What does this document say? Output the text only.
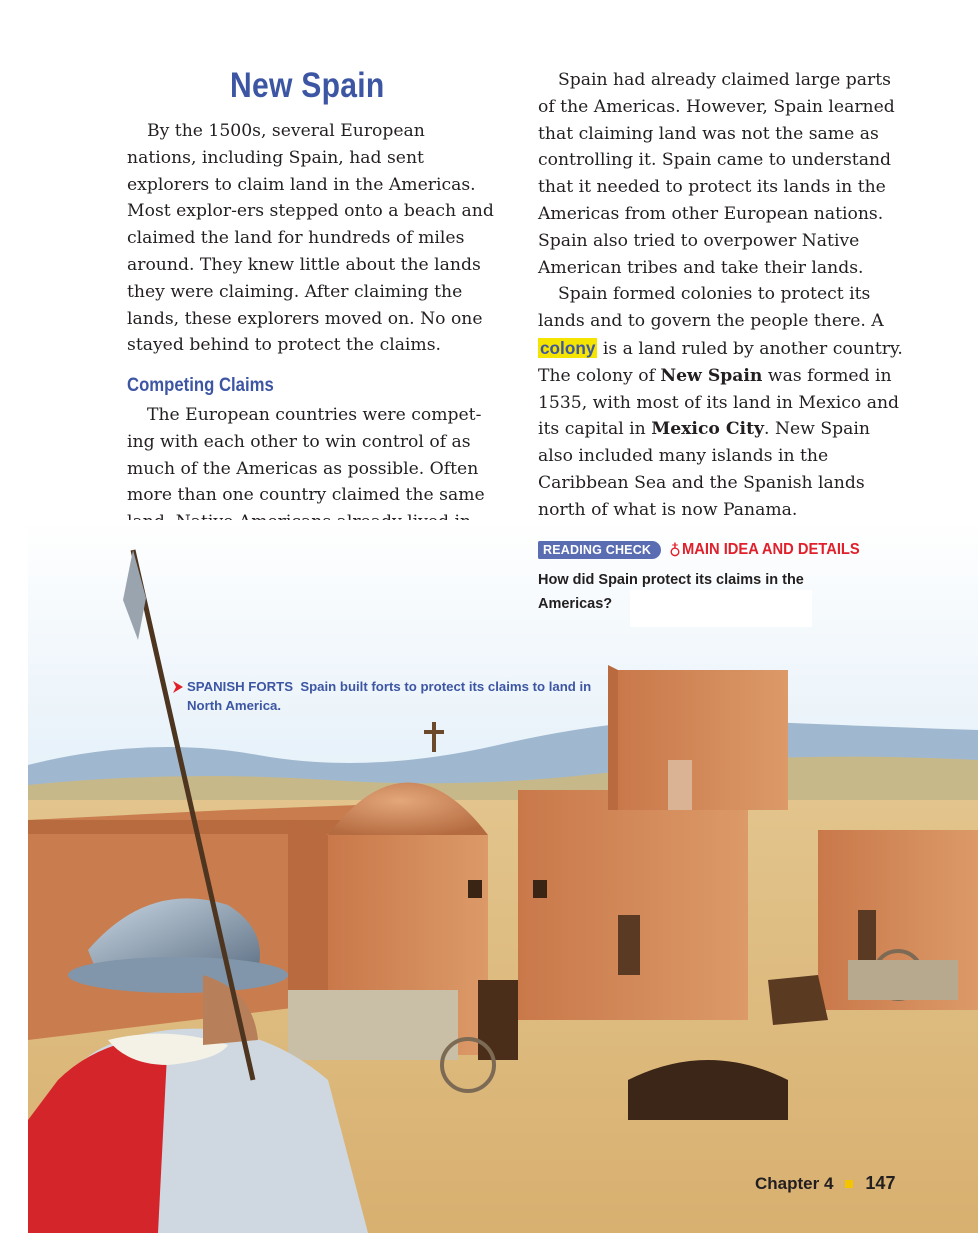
New Spain

By the 1500s, several European nations, including Spain, had sent explorers to claim land in the Americas. Most explor-ers stepped onto a beach and claimed the land for hundreds of miles around. They knew little about the lands they were claiming. After claiming the lands, these explorers moved on. No one stayed behind to protect the claims.

Competing Claims

The European countries were compet-

ing with each other to win control of as

much of the Americas as possible. Often

more than one country claimed the same

Spain had already claimed large parts of the Americas. However, Spain learned that claiming land was not the same as controlling it. Spain came to understand that it needed to protect its lands in the Americas from other European nations. Spain also tried to overpower Native American tribes and take their lands.

Spain formed colonies to protect its lands and to govern the people there. A colony is a land ruled by another country. The colony of New Spain was formed in 1535, with most of its land in Mexico and its capital in Mexico City. New Spain also included many islands in the Caribbean Sea and the Spanish lands north of what is now Panama.

READING CHECK	♁ MAIN IDEA AND DETAILS
How did Spain protect its claims in the Americas?
SPANISH FORTS Spain built forts to protect its claims to land in North America.
Chapter 4 147
